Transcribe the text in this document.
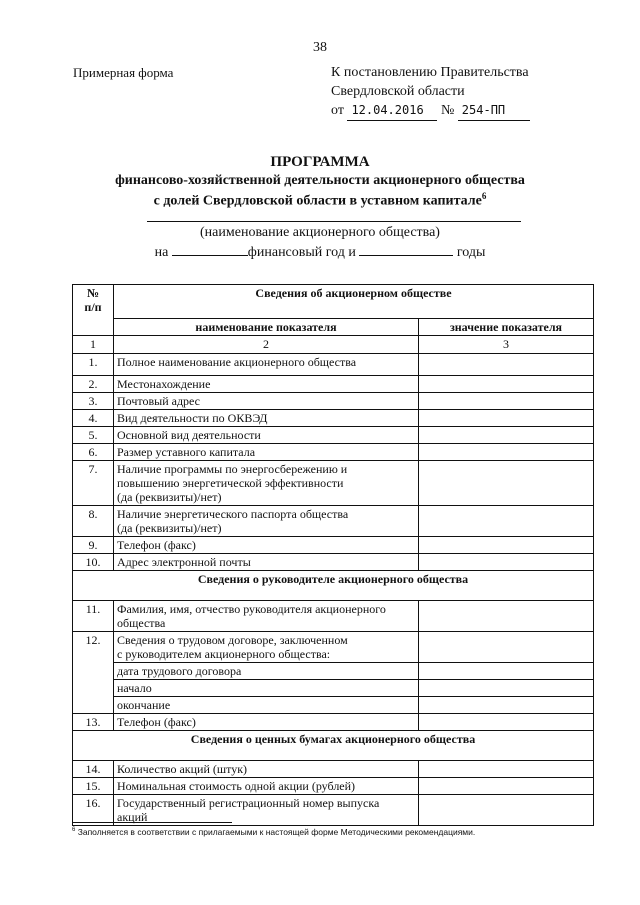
38
Примерная форма	К постановлению Правительства
Свердловской области
от 12.04.2016 № 254-ПП
ПРОГРАММА
финансово-хозяйственной деятельности акционерного общества
с долей Свердловской области в уставном капитале$^6$
(наименование акционерного общества)
на	финансовый год и	годы
№
п/п	Сведения об акционерном обществе	
	наименование показателя	значение показателя
1	2	3
1.	Полное наименование акционерного общества	
2.	Местонахождение	
3.	Почтовый адрес	
4.	Вид деятельности по ОКВЭД	
5.	Основной вид деятельности	
6.	Размер уставного капитала	
7.	Наличие программы по энергосбережению и
повышению энергетической эффективности
(да (реквизиты)/нет)	
8.	Наличие энергетического паспорта общества
(да (реквизиты)/нет)	
9.	Телефон (факс)	
10.	Адрес электронной почты	
Сведения о руководителе акционерного общества		
11.	Фамилия, имя, отчество руководителя акционерного
общества	
12.	Сведения о трудовом договоре, заключенном
с руководителем акционерного общества:	
	дата трудового договора	
	начало	
	окончание	
13.	Телефон (факс)	
Сведения о ценных бумагах акционерного общества		
14.	Количество акций (штук)	
15.	Номинальная стоимость одной акции (рублей)	
16.	Государственный регистрационный номер выпуска
акций	
$^6$ Заполняется в соответствии с прилагаемыми к настоящей форме Методическими рекомендациями.
